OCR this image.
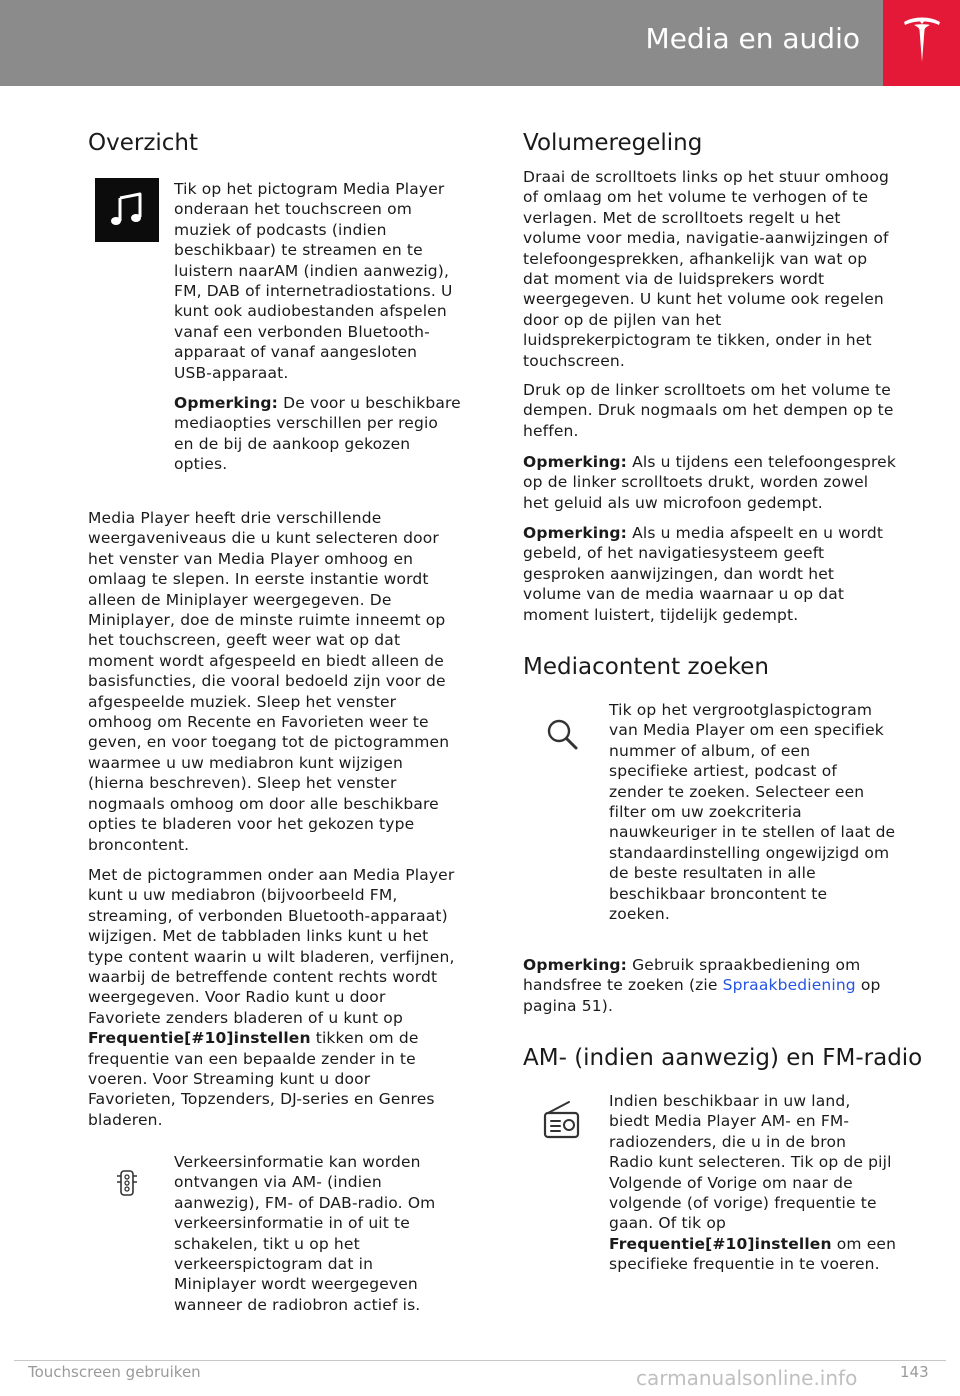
Media en audio
Overzicht
Tik op het pictogram Media Player
onderaan het touchscreen om
muziek of podcasts (indien
beschikbaar) te streamen en te
luistern naarAM (indien aanwezig),
FM, DAB of internetradiostations. U
kunt ook audiobestanden afspelen
vanaf een verbonden Bluetooth-
apparaat of vanaf aangesloten
USB-apparaat.
Opmerking: De voor u beschikbare
mediaopties verschillen per regio
en de bij de aankoop gekozen
opties.
Media Player heeft drie verschillende
weergaveniveaus die u kunt selecteren door
het venster van Media Player omhoog en
omlaag te slepen. In eerste instantie wordt
alleen de Miniplayer weergegeven. De
Miniplayer, doe de minste ruimte inneemt op
het touchscreen, geeft weer wat op dat
moment wordt afgespeeld en biedt alleen de
basisfuncties, die vooral bedoeld zijn voor de
afgespeelde muziek. Sleep het venster
omhoog om Recente en Favorieten weer te
geven, en voor toegang tot de pictogrammen
waarmee u uw mediabron kunt wijzigen
(hierna beschreven). Sleep het venster
nogmaals omhoog om door alle beschikbare
opties te bladeren voor het gekozen type
broncontent.
Met de pictogrammen onder aan Media Player
kunt u uw mediabron (bijvoorbeeld FM,
streaming, of verbonden Bluetooth-apparaat)
wijzigen. Met de tabbladen links kunt u het
type content waarin u wilt bladeren, verfijnen,
waarbij de betreffende content rechts wordt
weergegeven. Voor Radio kunt u door
Favoriete zenders bladeren of u kunt op
Frequentie[#10]instellen tikken om de
frequentie van een bepaalde zender in te
voeren. Voor Streaming kunt u door
Favorieten, Topzenders, DJ-series en Genres
bladeren.
Verkeersinformatie kan worden
ontvangen via AM- (indien
aanwezig), FM- of DAB-radio. Om
verkeersinformatie in of uit te
schakelen, tikt u op het
verkeerspictogram dat in
Miniplayer wordt weergegeven
wanneer de radiobron actief is.
Volumeregeling
Draai de scrolltoets links op het stuur omhoog
of omlaag om het volume te verhogen of te
verlagen. Met de scrolltoets regelt u het
volume voor media, navigatie-aanwijzingen of
telefoongesprekken, afhankelijk van wat op
dat moment via de luidsprekers wordt
weergegeven. U kunt het volume ook regelen
door op de pijlen van het
luidsprekerpictogram te tikken, onder in het
touchscreen.
Druk op de linker scrolltoets om het volume te
dempen. Druk nogmaals om het dempen op te
heffen.
Opmerking: Als u tijdens een telefoongesprek
op de linker scrolltoets drukt, worden zowel
het geluid als uw microfoon gedempt.
Opmerking: Als u media afspeelt en u wordt
gebeld, of het navigatiesysteem geeft
gesproken aanwijzingen, dan wordt het
volume van de media waarnaar u op dat
moment luistert, tijdelijk gedempt.
Mediacontent zoeken
Tik op het vergrootglaspictogram
van Media Player om een specifiek
nummer of album, of een
specifieke artiest, podcast of
zender te zoeken. Selecteer een
filter om uw zoekcriteria
nauwkeuriger in te stellen of laat de
standaardinstelling ongewijzigd om
de beste resultaten in alle
beschikbaar broncontent te
zoeken.
Opmerking: Gebruik spraakbediening om
handsfree te zoeken (zie Spraakbediening op
pagina 51).
AM- (indien aanwezig) en FM-radio
Indien beschikbaar in uw land,
biedt Media Player AM- en FM-
radiozenders, die u in de bron
Radio kunt selecteren. Tik op de pijl
Volgende of Vorige om naar de
volgende (of vorige) frequentie te
gaan. Of tik op
Frequentie[#10]instellen om een
specifieke frequentie in te voeren.
Touchscreen gebruiken	carmanualsonline.info	143
